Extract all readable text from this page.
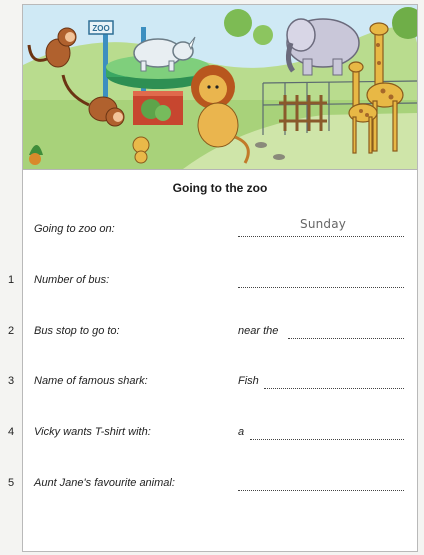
ZOO
Going to the zoo
Going to zoo on:	Sunday
1 Number of bus:
2 Bus stop to go to:	near the
3 Name of famous shark:	Fish
4 Vicky wants T-shirt with:	a
5 Aunt Jane's favourite animal:
